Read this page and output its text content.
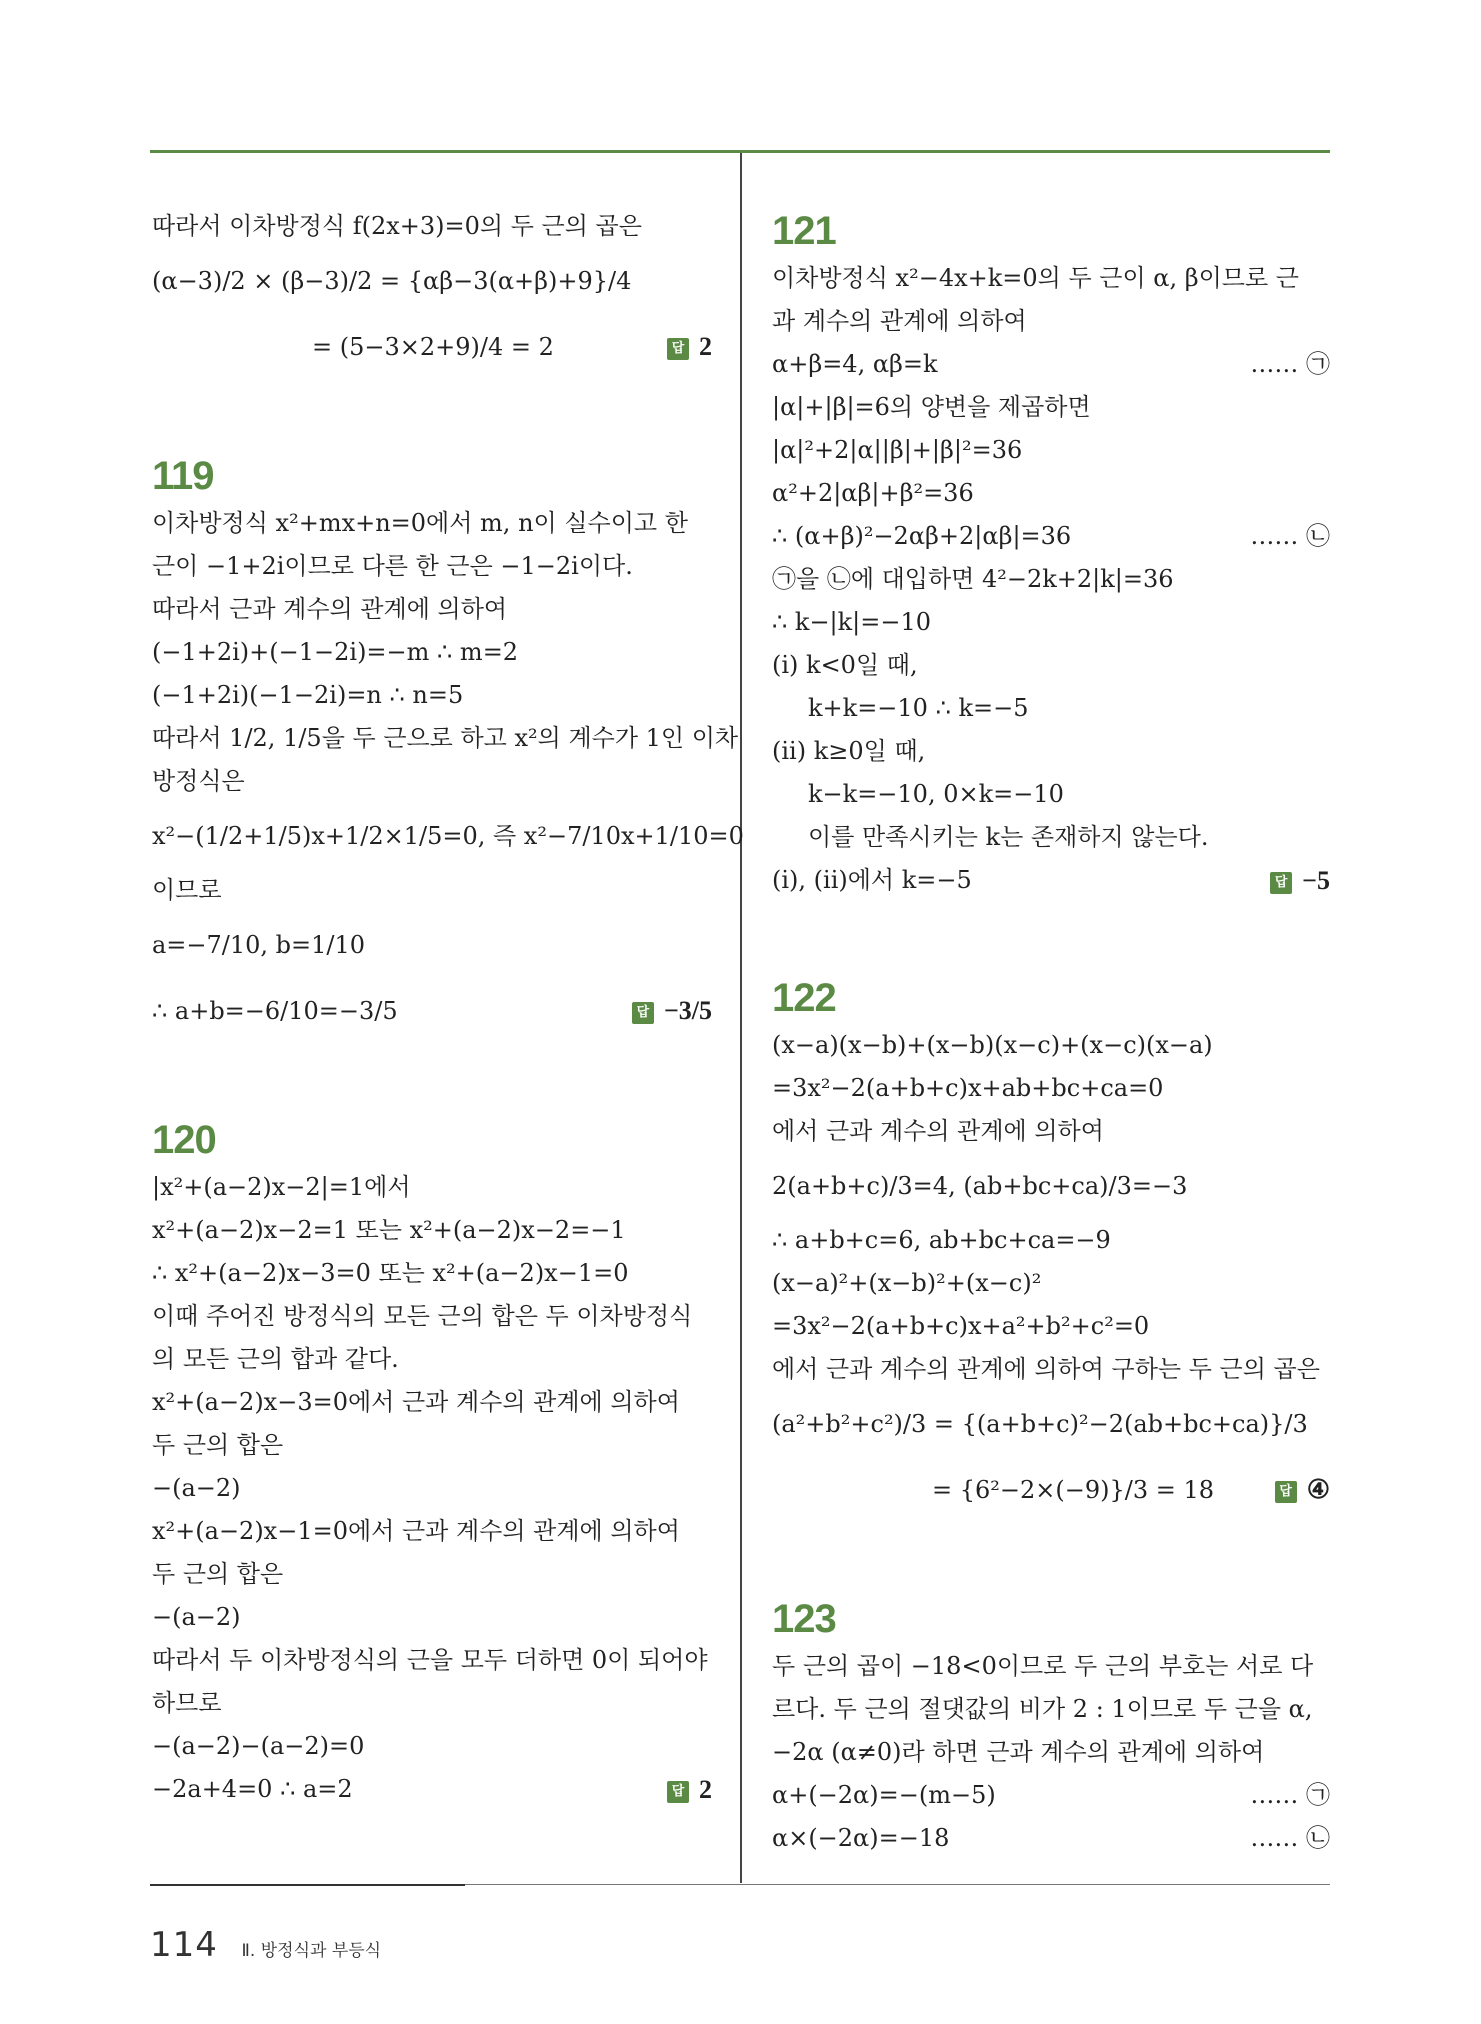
따라서 이차방정식 f(2x+3)=0의 두 근의 곱은
(α−3)/2 × (β−3)/2 = {αβ−3(α+β)+9}/4
= (5−3×2+9)/4 = 2	답 2
119
이차방정식 x²+mx+n=0에서 m, n이 실수이고 한
근이 −1+2i이므로 다른 한 근은 −1−2i이다.
따라서 근과 계수의 관계에 의하여
(−1+2i)+(−1−2i)=−m ∴ m=2
(−1+2i)(−1−2i)=n ∴ n=5
따라서 1/2, 1/5을 두 근으로 하고 x²의 계수가 1인 이차
방정식은
x²−(1/2+1/5)x+1/2×1/5=0, 즉 x²−7/10x+1/10=0
이므로
a=−7/10, b=1/10
∴ a+b=−6/10=−3/5	답 −3/5
120
|x²+(a−2)x−2|=1에서
x²+(a−2)x−2=1 또는 x²+(a−2)x−2=−1
∴ x²+(a−2)x−3=0 또는 x²+(a−2)x−1=0
이때 주어진 방정식의 모든 근의 합은 두 이차방정식
의 모든 근의 합과 같다.
x²+(a−2)x−3=0에서 근과 계수의 관계에 의하여
두 근의 합은
−(a−2)
x²+(a−2)x−1=0에서 근과 계수의 관계에 의하여
두 근의 합은
−(a−2)
따라서 두 이차방정식의 근을 모두 더하면 0이 되어야
하므로
−(a−2)−(a−2)=0
−2a+4=0 ∴ a=2	답 2
121
이차방정식 x²−4x+k=0의 두 근이 α, β이므로 근
과 계수의 관계에 의하여
α+β=4, αβ=k	…… ㉠
|α|+|β|=6의 양변을 제곱하면
|α|²+2|α||β|+|β|²=36
α²+2|αβ|+β²=36
∴ (α+β)²−2αβ+2|αβ|=36	…… ㉡
㉠을 ㉡에 대입하면 4²−2k+2|k|=36
∴ k−|k|=−10
(i) k<0일 때,
k+k=−10 ∴ k=−5
(ii) k≥0일 때,
k−k=−10, 0×k=−10
이를 만족시키는 k는 존재하지 않는다.
(i), (ii)에서 k=−5	답 −5
122
(x−a)(x−b)+(x−b)(x−c)+(x−c)(x−a)
=3x²−2(a+b+c)x+ab+bc+ca=0
에서 근과 계수의 관계에 의하여
2(a+b+c)/3=4, (ab+bc+ca)/3=−3
∴ a+b+c=6, ab+bc+ca=−9
(x−a)²+(x−b)²+(x−c)²
=3x²−2(a+b+c)x+a²+b²+c²=0
에서 근과 계수의 관계에 의하여 구하는 두 근의 곱은
(a²+b²+c²)/3 = {(a+b+c)²−2(ab+bc+ca)}/3
= {6²−2×(−9)}/3 = 18	답 ④
123
두 근의 곱이 −18<0이므로 두 근의 부호는 서로 다
르다. 두 근의 절댓값의 비가 2 : 1이므로 두 근을 α,
−2α (α≠0)라 하면 근과 계수의 관계에 의하여
α+(−2α)=−(m−5)	…… ㉠
α×(−2α)=−18	…… ㉡
114 Ⅱ. 방정식과 부등식
